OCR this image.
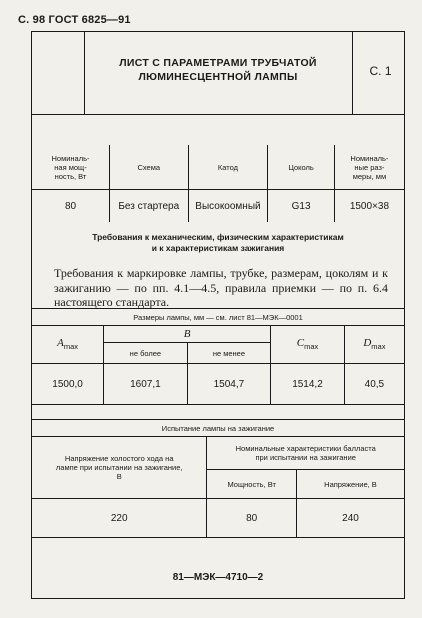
С. 98 ГОСТ 6825—91
ЛИСТ С ПАРАМЕТРАМИ ТРУБЧАТОЙ
ЛЮМИНЕСЦЕНТНОЙ ЛАМПЫ	С. 1
Номиналь-
ная мощ-
ность, Вт	Схема	Катод	Цоколь	Номиналь-
ные раз-
меры, мм

80	Без стартера	Высокоомный	G13	1500×38
Требования к механическим, физическим характеристикам
и к характеристикам зажигания
Требования к маркировке лампы, трубке, размерам, цоколям и к зажиганию — по пп. 4.1—4.5, правила приемки — по п. 6.4 настоящего стандарта.
Размеры лампы, мм — см. лист 81—МЭК—0001				
$A_{max}$	B		$C_{max}$	$D_{max}$
	не более	не менее		
1500,0	1607,1	1504,7	1514,2	40,5
Испытание лампы на зажигание		

Напряжение холостого хода на
лампе при испытании на зажигание,
В	Номинальные характеристики балласта
при испытании на зажигание	

	Мощность, Вт	Напряжение, В
220	80	240
81—МЭК—4710—2
